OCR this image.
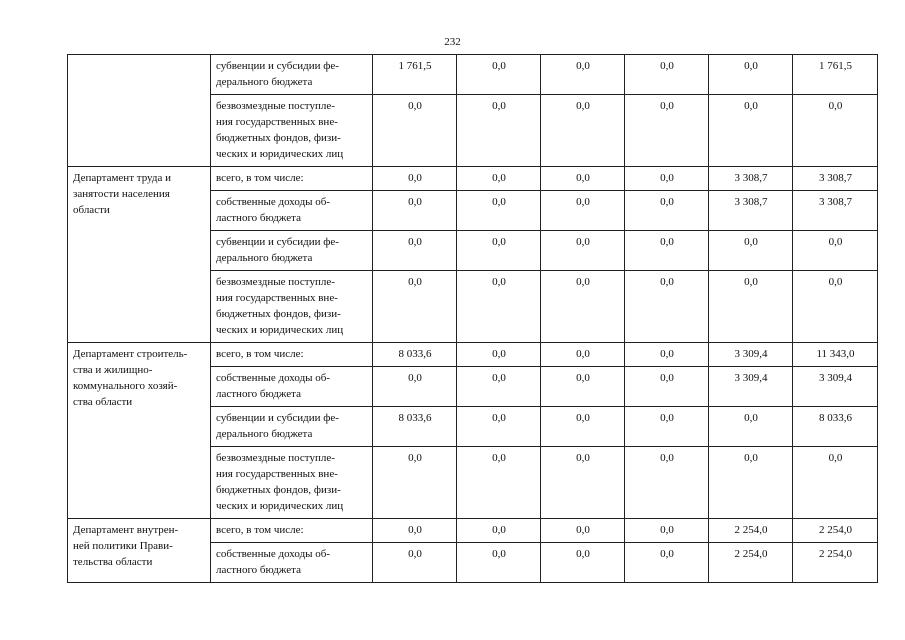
232

	субвенции и субсидии фе-
дерального бюджета	1 761,5	0,0	0,0	0,0	0,0	1 761,5

	безвозмездные поступле-
ния государственных вне-
бюджетных фондов, физи-
ческих и юридических лиц	0,0	0,0	0,0	0,0	0,0	0,0

Департамент труда и
занятости населения
области	всего, в том числе:	0,0	0,0	0,0	0,0	3 308,7	3 308,7

	собственные доходы об-
ластного бюджета	0,0	0,0	0,0	0,0	3 308,7	3 308,7

	субвенции и субсидии фе-
дерального бюджета	0,0	0,0	0,0	0,0	0,0	0,0

	безвозмездные поступле-
ния государственных вне-
бюджетных фондов, физи-
ческих и юридических лиц	0,0	0,0	0,0	0,0	0,0	0,0

Департамент строитель-
ства и жилищно-
коммунального хозяй-
ства области	всего, в том числе:	8 033,6	0,0	0,0	0,0	3 309,4	11 343,0

	собственные доходы об-
ластного бюджета	0,0	0,0	0,0	0,0	3 309,4	3 309,4

	субвенции и субсидии фе-
дерального бюджета	8 033,6	0,0	0,0	0,0	0,0	8 033,6

	безвозмездные поступле-
ния государственных вне-
бюджетных фондов, физи-
ческих и юридических лиц	0,0	0,0	0,0	0,0	0,0	0,0

Департамент внутрен-
ней политики Прави-
тельства области	всего, в том числе:	0,0	0,0	0,0	0,0	2 254,0	2 254,0

	собственные доходы об-
ластного бюджета	0,0	0,0	0,0	0,0	2 254,0	2 254,0
